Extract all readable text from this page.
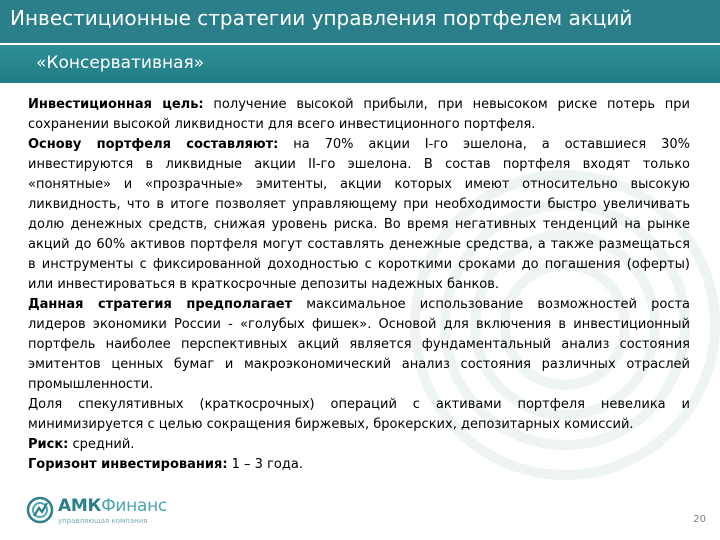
Инвестиционные стратегии управления портфелем акций
«Консервативная»

Инвестиционная цель: получение высокой прибыли, при невысоком риске потерь при сохранении высокой ликвидности для всего инвестиционного портфеля.

Основу портфеля составляют: на 70% акции I-го эшелона, а оставшиеся 30% инвестируются в ликвидные акции II-го эшелона. В состав портфеля входят только «понятные» и «прозрачные» эмитенты, акции которых имеют относительно высокую ликвидность, что в итоге позволяет управляющему при необходимости быстро увеличивать долю денежных средств, снижая уровень риска. Во время негативных тенденций на рынке акций до 60% активов портфеля могут составлять денежные средства, а также размещаться в инструменты с фиксированной доходностью с короткими сроками до погашения (оферты) или инвестироваться в краткосрочные депозиты надежных банков.

Данная стратегия предполагает максимальное использование возможностей роста лидеров экономики России - «голубых фишек». Основой для включения в инвестиционный портфель наиболее перспективных акций является фундаментальный анализ состояния эмитентов ценных бумаг и макроэкономический анализ состояния различных отраслей промышленности.

Доля спекулятивных (краткосрочных) операций с активами портфеля невелика и минимизируется с целью сокращения биржевых, брокерских, депозитарных комиссий.

Риск: средний.

Горизонт инвестирования: 1 – 3 года.

АМКФинанс
управляющая компания	20
